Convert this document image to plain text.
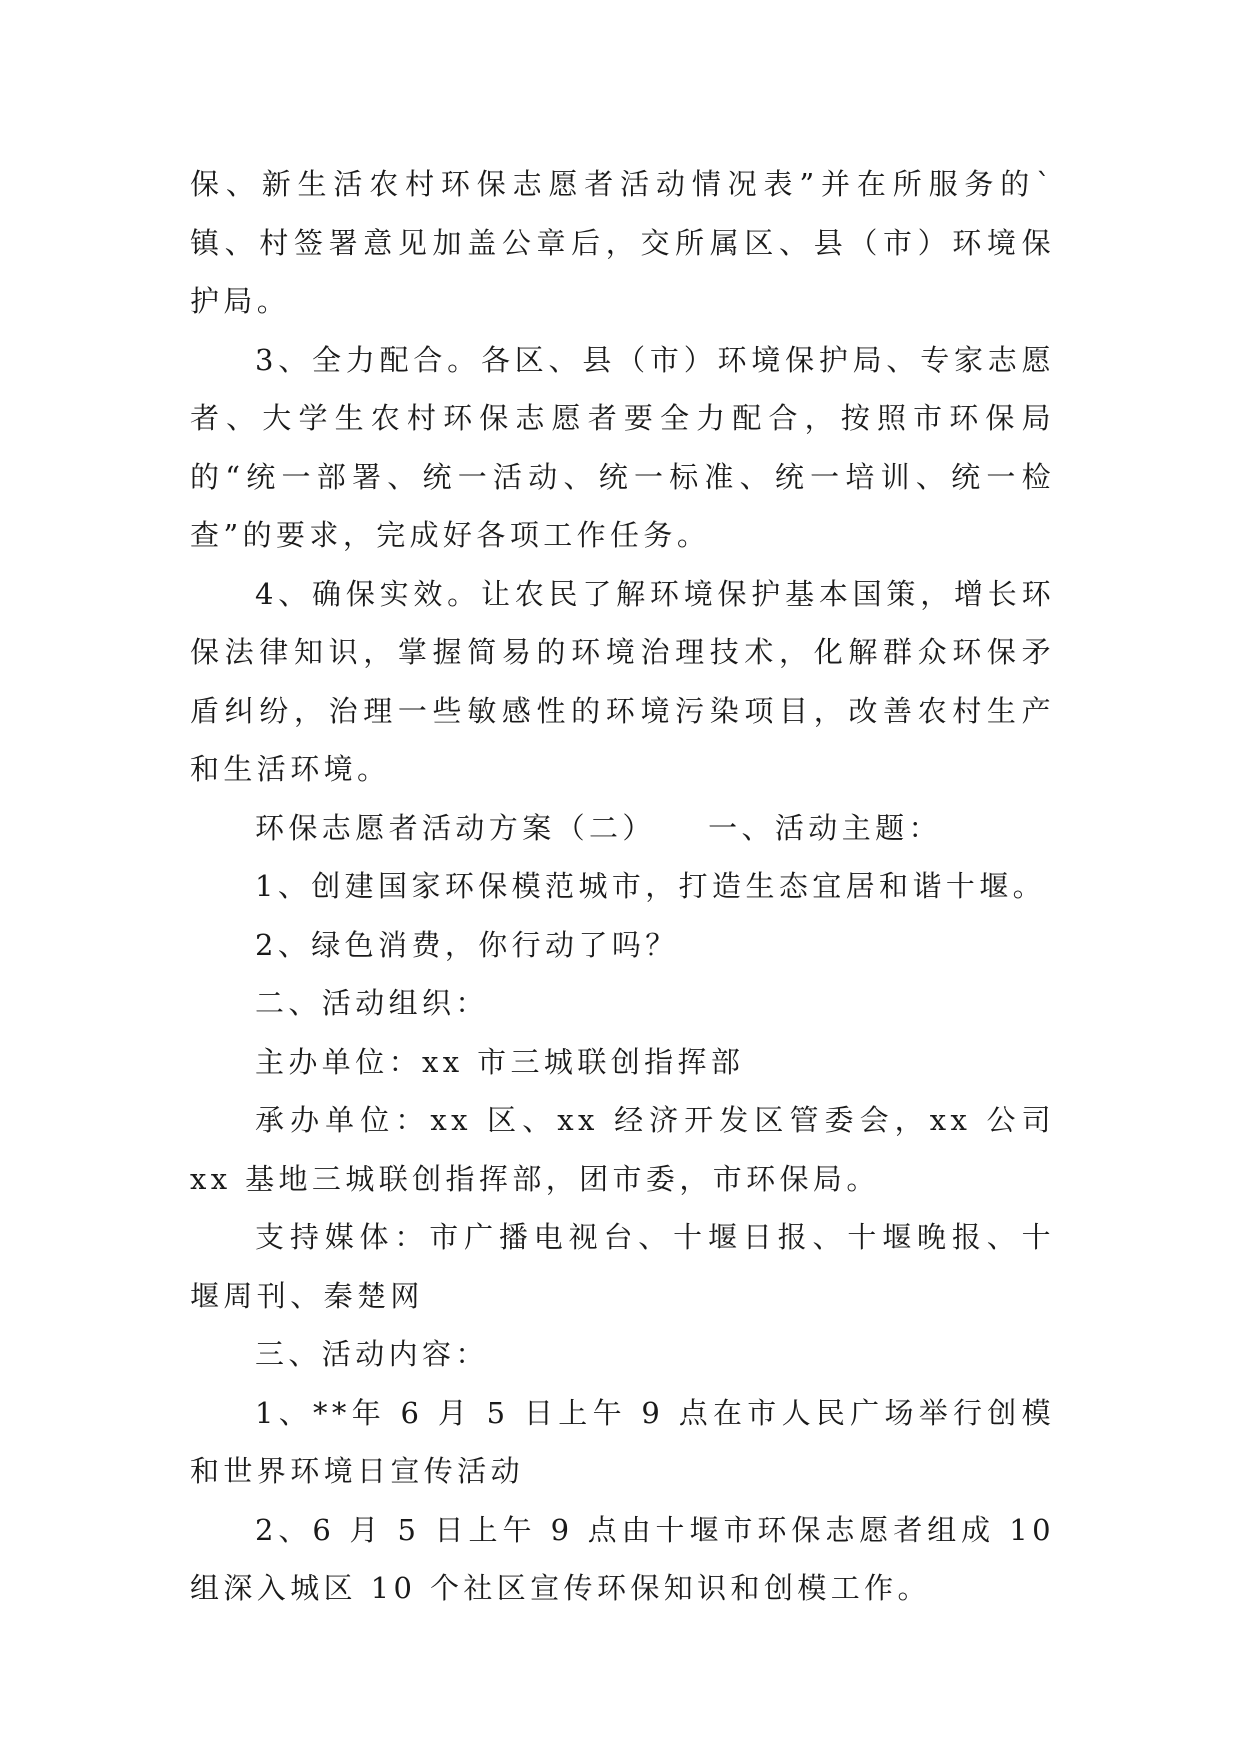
保、新生活农村环保志愿者活动情况表”并在所服务的`镇、村签署意见加盖公章后，交所属区、县（市）环境保护局。

3、全力配合。各区、县（市）环境保护局、专家志愿者、大学生农村环保志愿者要全力配合，按照市环保局的“统一部署、统一活动、统一标准、统一培训、统一检查”的要求，完成好各项工作任务。

4、确保实效。让农民了解环境保护基本国策，增长环保法律知识，掌握简易的环境治理技术，化解群众环保矛盾纠纷，治理一些敏感性的环境污染项目，改善农村生产和生活环境。

环保志愿者活动方案（二）　　一、活动主题：

1、创建国家环保模范城市，打造生态宜居和谐十堰。

2、绿色消费，你行动了吗？

二、活动组织：

主办单位：xx 市三城联创指挥部

承办单位：xx 区、xx 经济开发区管委会，xx 公司 xx 基地三城联创指挥部，团市委，市环保局。

支持媒体：市广播电视台、十堰日报、十堰晚报、十堰周刊、秦楚网

三、活动内容：

1、**年 6 月 5 日上午 9 点在市人民广场举行创模和世界环境日宣传活动

2、6 月 5 日上午 9 点由十堰市环保志愿者组成 10 组深入城区 10 个社区宣传环保知识和创模工作。
